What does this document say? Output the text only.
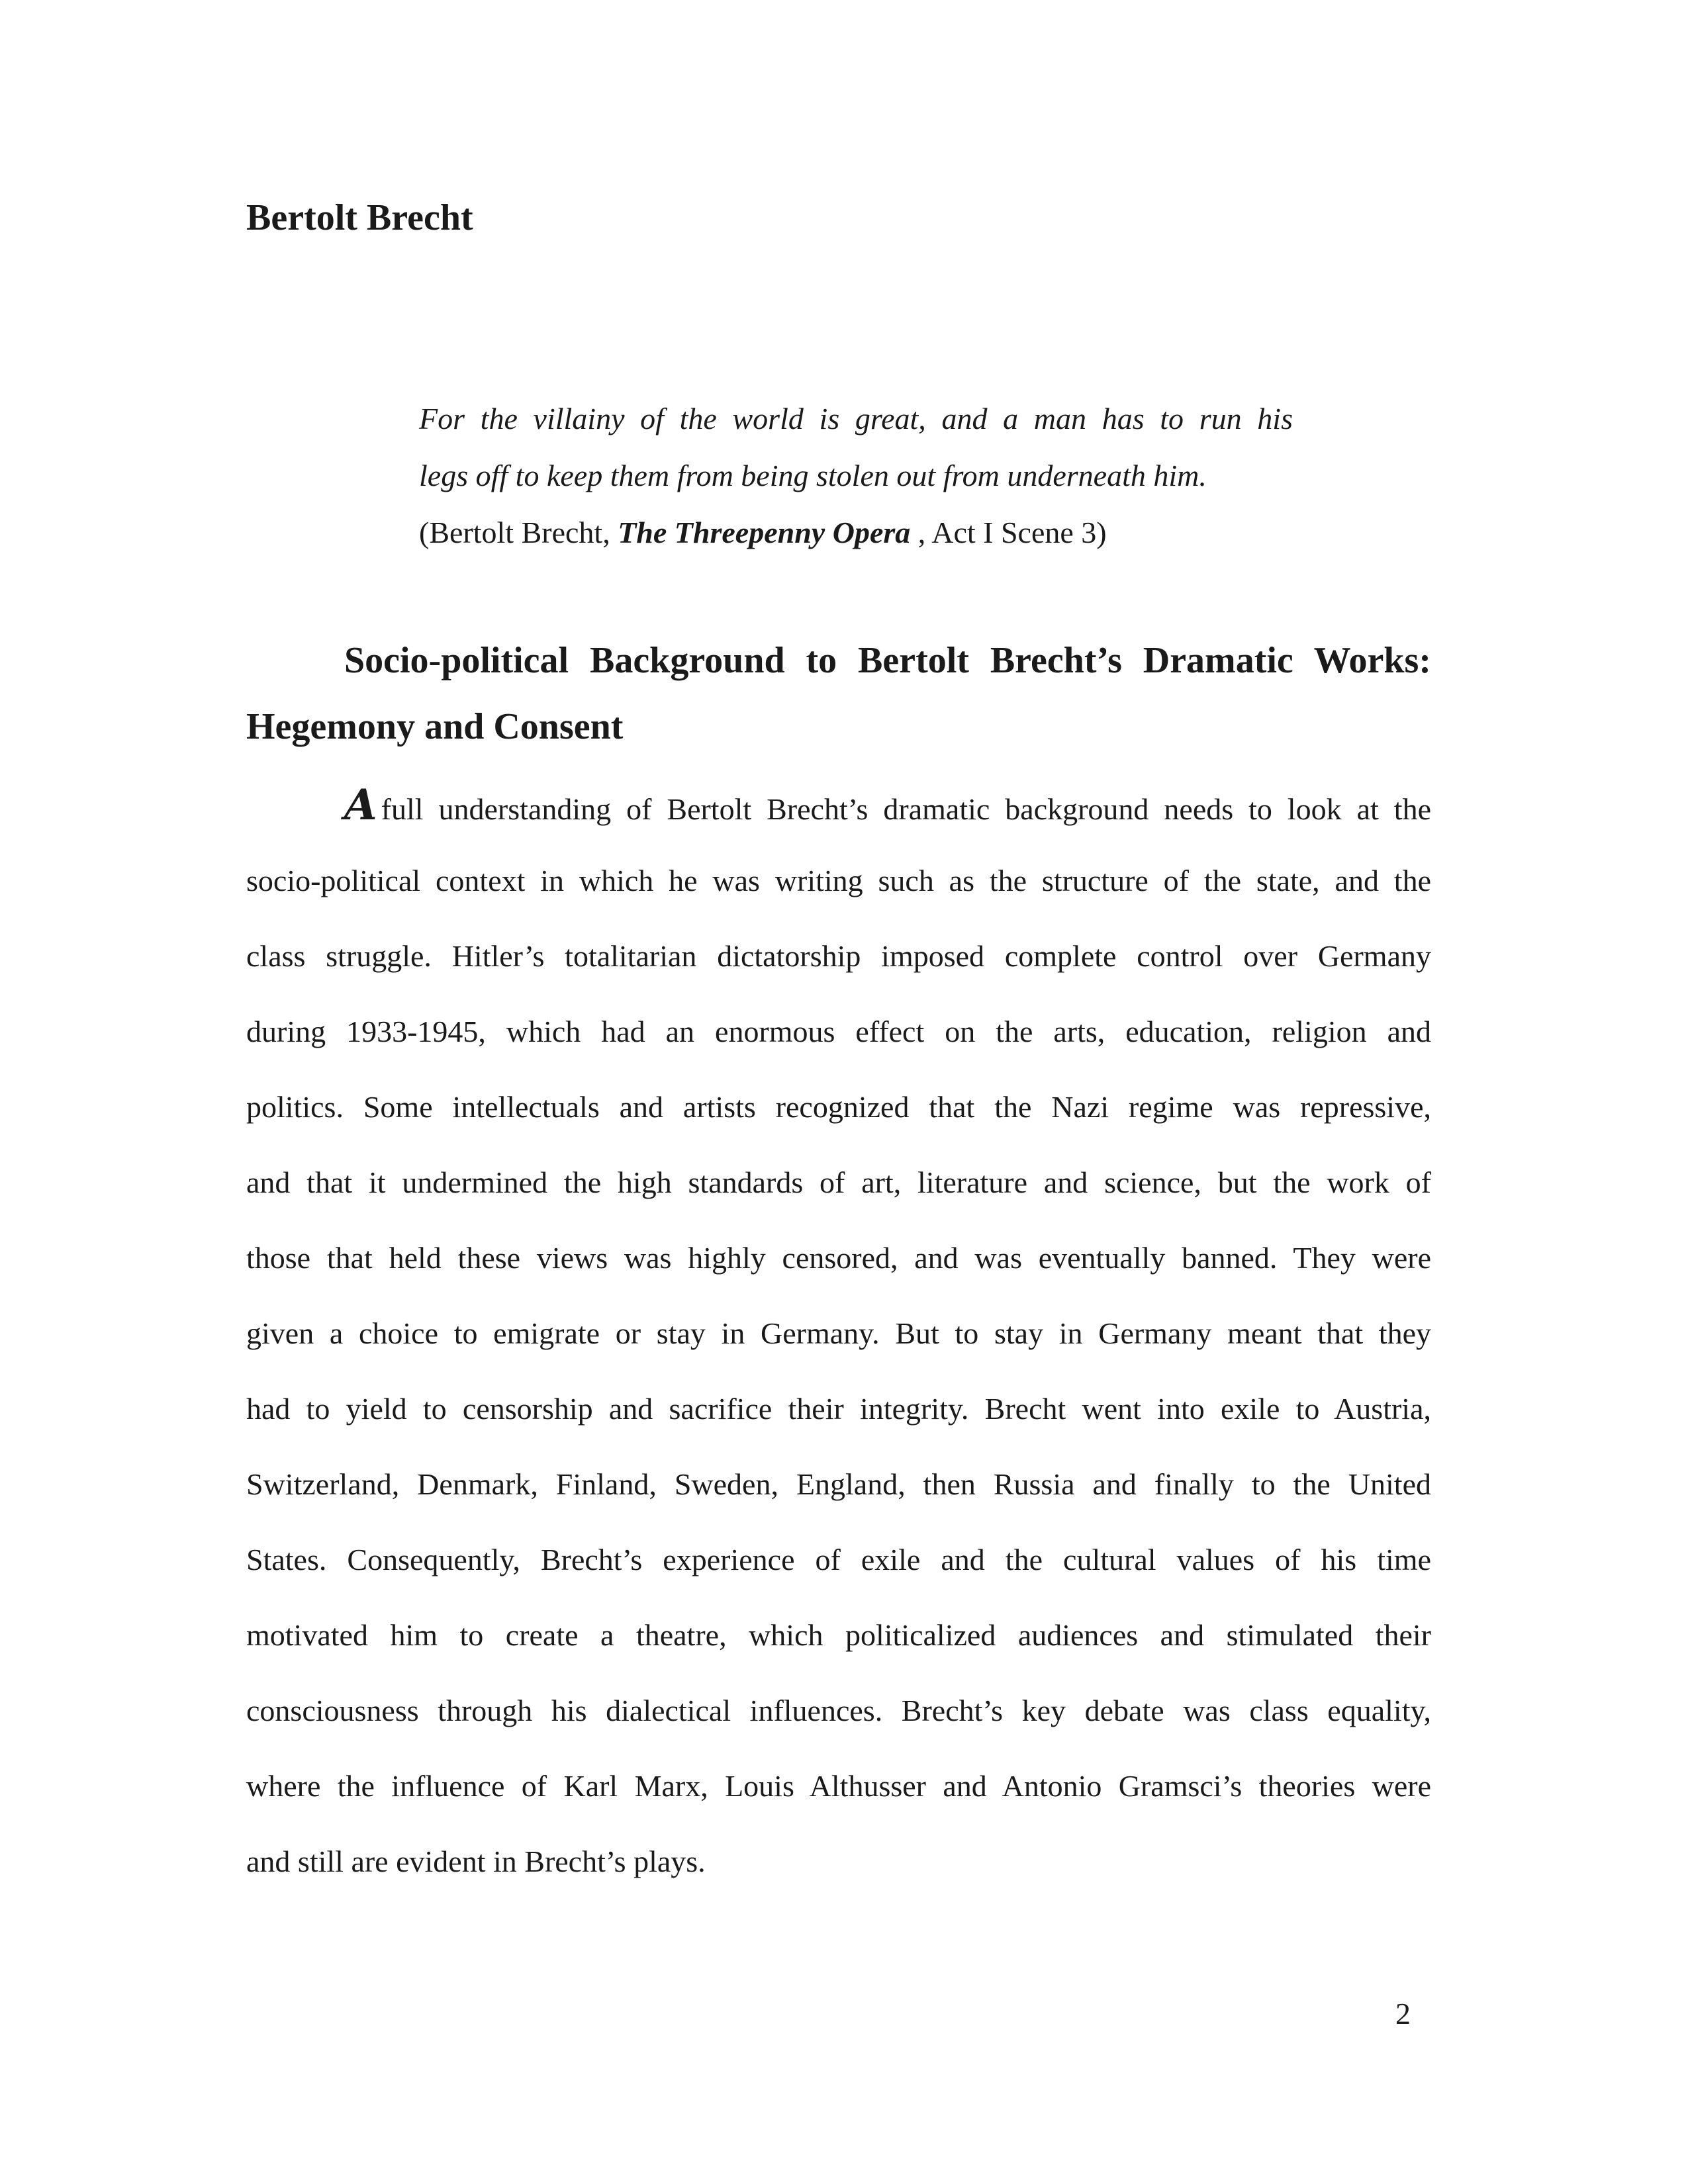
Bertolt Brecht
For the villainy of the world is great, and a man has to run his
legs off to keep them from being stolen out from underneath him.
(Bertolt Brecht, The Threepenny Opera , Act I Scene 3)
Socio-political Background to Bertolt Brecht’s Dramatic Works:
Hegemony and Consent
A full understanding of Bertolt Brecht’s dramatic background needs to look at the
socio-political context in which he was writing such as the structure of the state, and the
class struggle. Hitler’s totalitarian dictatorship imposed complete control over Germany
during 1933-1945, which had an enormous effect on the arts, education, religion and
politics. Some intellectuals and artists recognized that the Nazi regime was repressive,
and that it undermined the high standards of art, literature and science, but the work of
those that held these views was highly censored, and was eventually banned. They were
given a choice to emigrate or stay in Germany. But to stay in Germany meant that they
had to yield to censorship and sacrifice their integrity. Brecht went into exile to Austria,
Switzerland, Denmark, Finland, Sweden, England, then Russia and finally to the United
States. Consequently, Brecht’s experience of exile and the cultural values of his time
motivated him to create a theatre, which politicalized audiences and stimulated their
consciousness through his dialectical influences. Brecht’s key debate was class equality,
where the influence of Karl Marx, Louis Althusser and Antonio Gramsci’s theories were
and still are evident in Brecht’s plays.
2
